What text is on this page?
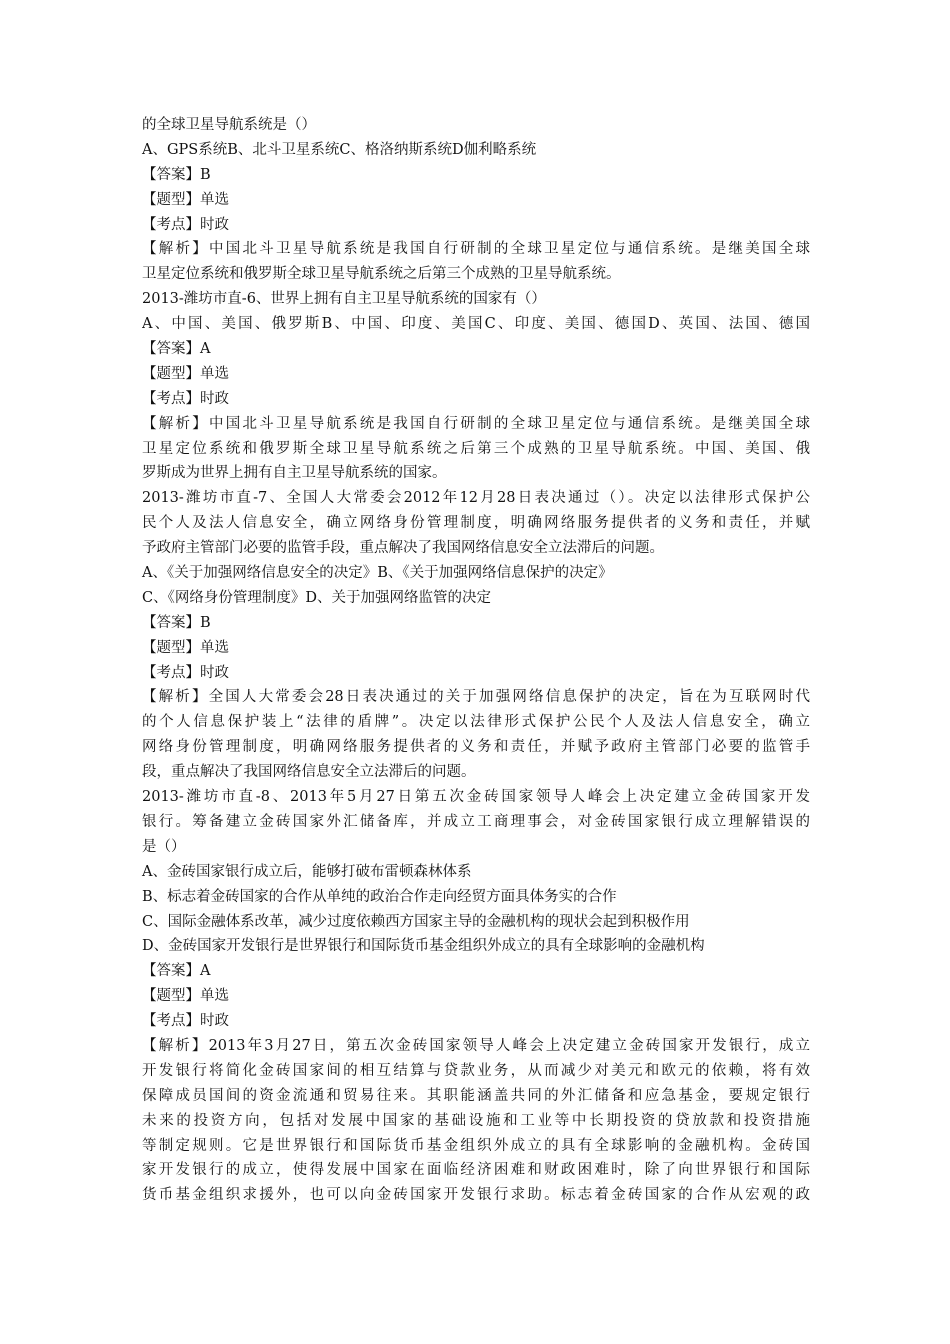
的全球卫星导航系统是（）
A、GPS系统B、北斗卫星系统C、格洛纳斯系统D伽利略系统
【答案】B
【题型】单选
【考点】时政
【解析】中国北斗卫星导航系统是我国自行研制的全球卫星定位与通信系统。是继美国全球
卫星定位系统和俄罗斯全球卫星导航系统之后第三个成熟的卫星导航系统。
2013-潍坊市直-6、世界上拥有自主卫星导航系统的国家有（）
A、中国、美国、俄罗斯B、中国、印度、美国C、印度、美国、德国D、英国、法国、德国
【答案】A
【题型】单选
【考点】时政
【解析】中国北斗卫星导航系统是我国自行研制的全球卫星定位与通信系统。是继美国全球
卫星定位系统和俄罗斯全球卫星导航系统之后第三个成熟的卫星导航系统。中国、美国、俄
罗斯成为世界上拥有自主卫星导航系统的国家。
2013-潍坊市直-7、全国人大常委会2012年12月28日表决通过（）。决定以法律形式保护公
民个人及法人信息安全，确立网络身份管理制度，明确网络服务提供者的义务和责任，并赋
予政府主管部门必要的监管手段，重点解决了我国网络信息安全立法滞后的问题。
A、《关于加强网络信息安全的决定》B、《关于加强网络信息保护的决定》
C、《网络身份管理制度》D、关于加强网络监管的决定
【答案】B
【题型】单选
【考点】时政
【解析】全国人大常委会28日表决通过的关于加强网络信息保护的决定，旨在为互联网时代
的个人信息保护装上“法律的盾牌”。决定以法律形式保护公民个人及法人信息安全，确立
网络身份管理制度，明确网络服务提供者的义务和责任，并赋予政府主管部门必要的监管手
段，重点解决了我国网络信息安全立法滞后的问题。
2013-潍坊市直-8、2013年5月27日第五次金砖国家领导人峰会上决定建立金砖国家开发
银行。筹备建立金砖国家外汇储备库，并成立工商理事会，对金砖国家银行成立理解错误的
是（）
A、金砖国家银行成立后，能够打破布雷顿森林体系
B、标志着金砖国家的合作从单纯的政治合作走向经贸方面具体务实的合作
C、国际金融体系改革，减少过度依赖西方国家主导的金融机构的现状会起到积极作用
D、金砖国家开发银行是世界银行和国际货币基金组织外成立的具有全球影响的金融机构
【答案】A
【题型】单选
【考点】时政
【解析】2013年3月27日，第五次金砖国家领导人峰会上决定建立金砖国家开发银行，成立
开发银行将简化金砖国家间的相互结算与贷款业务，从而减少对美元和欧元的依赖，将有效
保障成员国间的资金流通和贸易往来。其职能涵盖共同的外汇储备和应急基金，要规定银行
未来的投资方向，包括对发展中国家的基础设施和工业等中长期投资的贷放款和投资措施
等制定规则。它是世界银行和国际货币基金组织外成立的具有全球影响的金融机构。金砖国
家开发银行的成立，使得发展中国家在面临经济困难和财政困难时，除了向世界银行和国际
货币基金组织求援外，也可以向金砖国家开发银行求助。标志着金砖国家的合作从宏观的政
